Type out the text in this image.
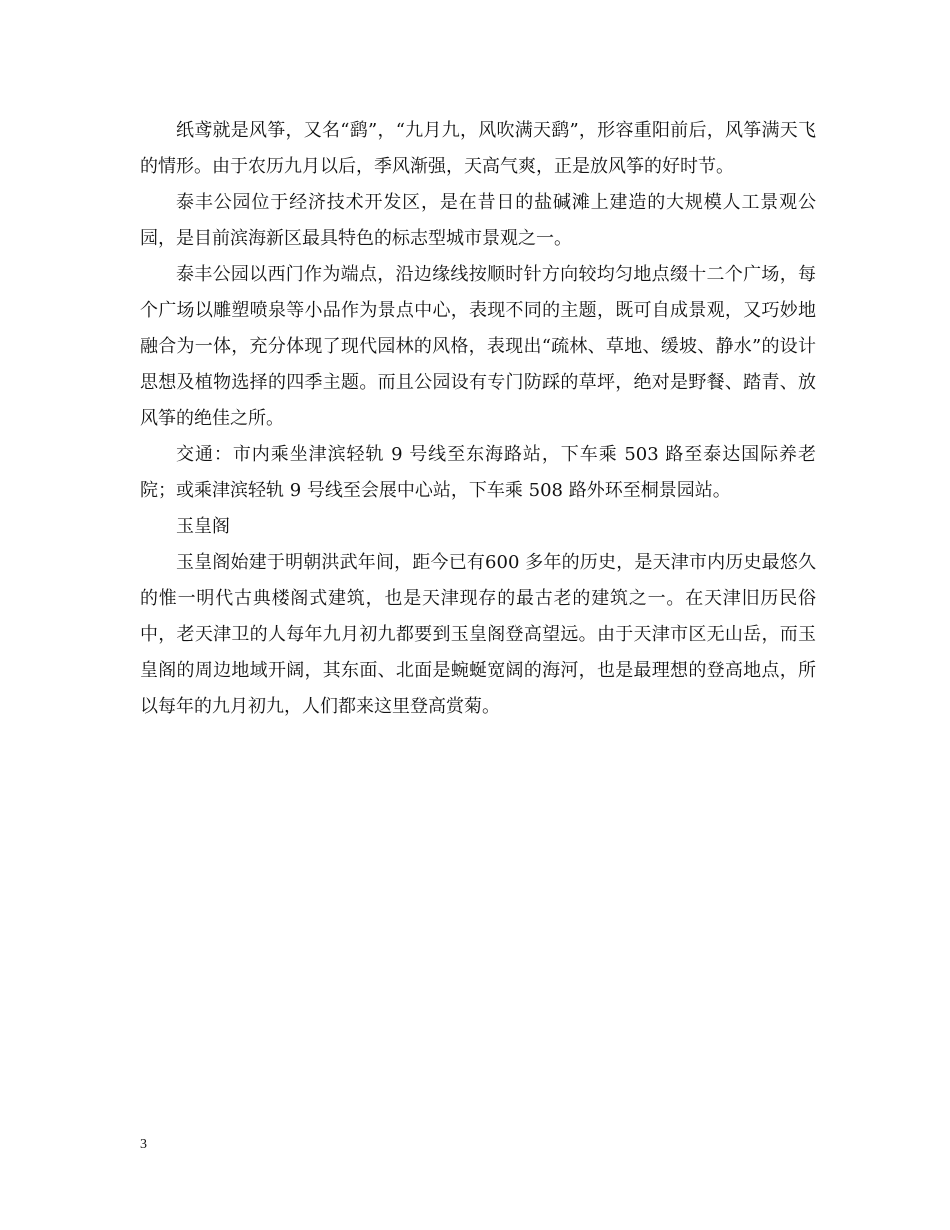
纸鸢就是风筝，又名“鹞”，“九月九，风吹满天鹞”，形容重阳前后，风筝满天飞的情形。由于农历九月以后，季风渐强，天高气爽，正是放风筝的好时节。

泰丰公园位于经济技术开发区，是在昔日的盐碱滩上建造的大规模人工景观公园，是目前滨海新区最具特色的标志型城市景观之一。

泰丰公园以西门作为端点，沿边缘线按顺时针方向较均匀地点缀十二个广场，每个广场以雕塑喷泉等小品作为景点中心，表现不同的主题，既可自成景观，又巧妙地融合为一体，充分体现了现代园林的风格，表现出“疏林、草地、缓坡、静水”的设计思想及植物选择的四季主题。而且公园设有专门防踩的草坪，绝对是野餐、踏青、放风筝的绝佳之所。

交通：市内乘坐津滨轻轨 9 号线至东海路站，下车乘 503 路至泰达国际养老院；或乘津滨轻轨 9 号线至会展中心站，下车乘 508 路外环至桐景园站。

玉皇阁

玉皇阁始建于明朝洪武年间，距今已有600 多年的历史，是天津市内历史最悠久的惟一明代古典楼阁式建筑，也是天津现存的最古老的建筑之一。在天津旧历民俗中，老天津卫的人每年九月初九都要到玉皇阁登高望远。由于天津市区无山岳，而玉皇阁的周边地域开阔，其东面、北面是蜿蜒宽阔的海河，也是最理想的登高地点，所以每年的九月初九，人们都来这里登高赏菊。

3
